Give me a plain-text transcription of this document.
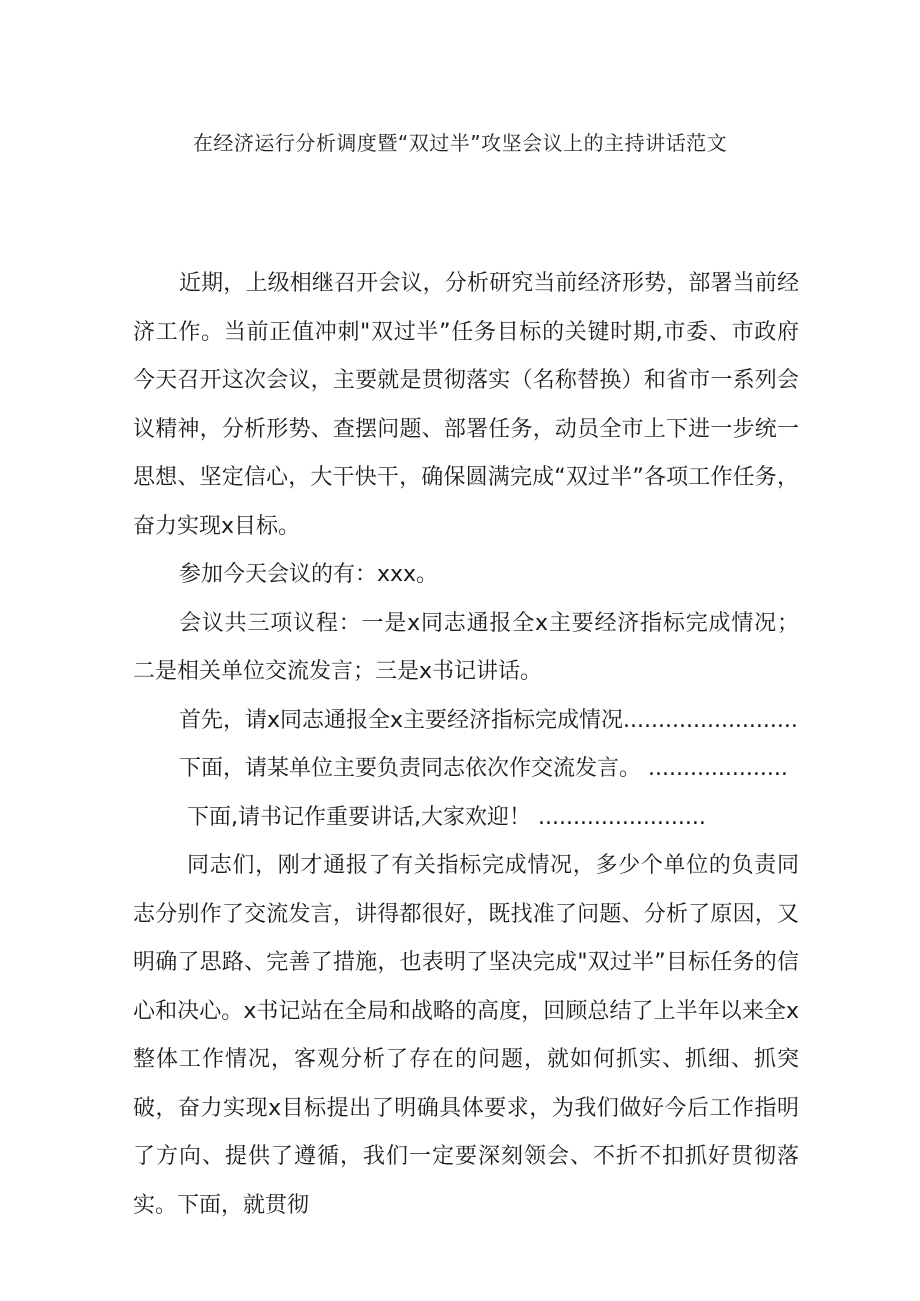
在经济运行分析调度暨“双过半”攻坚会议上的主持讲话范文

近期，上级相继召开会议，分析研究当前经济形势，部署当前经济工作。当前正值冲刺"双过半”任务目标的关键时期,市委、市政府今天召开这次会议，主要就是贯彻落实（名称替换）和省市一系列会议精神，分析形势、查摆问题、部署任务，动员全市上下进一步统一思想、坚定信心，大干快干，确保圆满完成“双过半”各项工作任务，奋力实现x目标。

参加今天会议的有：xxx。

会议共三项议程：一是x同志通报全x主要经济指标完成情况；二是相关单位交流发言；三是x书记讲话。

首先，请x同志通报全x主要经济指标完成情况.........................

下面，请某单位主要负责同志依次作交流发言。 ....................

下面,请书记作重要讲话,大家欢迎！ ........................

同志们，刚才通报了有关指标完成情况，多少个单位的负责同志分别作了交流发言，讲得都很好，既找准了问题、分析了原因，又明确了思路、完善了措施，也表明了坚决完成"双过半”目标任务的信心和决心。x书记站在全局和战略的高度，回顾总结了上半年以来全x整体工作情况，客观分析了存在的问题，就如何抓实、抓细、抓突破，奋力实现x目标提出了明确具体要求，为我们做好今后工作指明了方向、提供了遵循，我们一定要深刻领会、不折不扣抓好贯彻落实。下面，就贯彻
